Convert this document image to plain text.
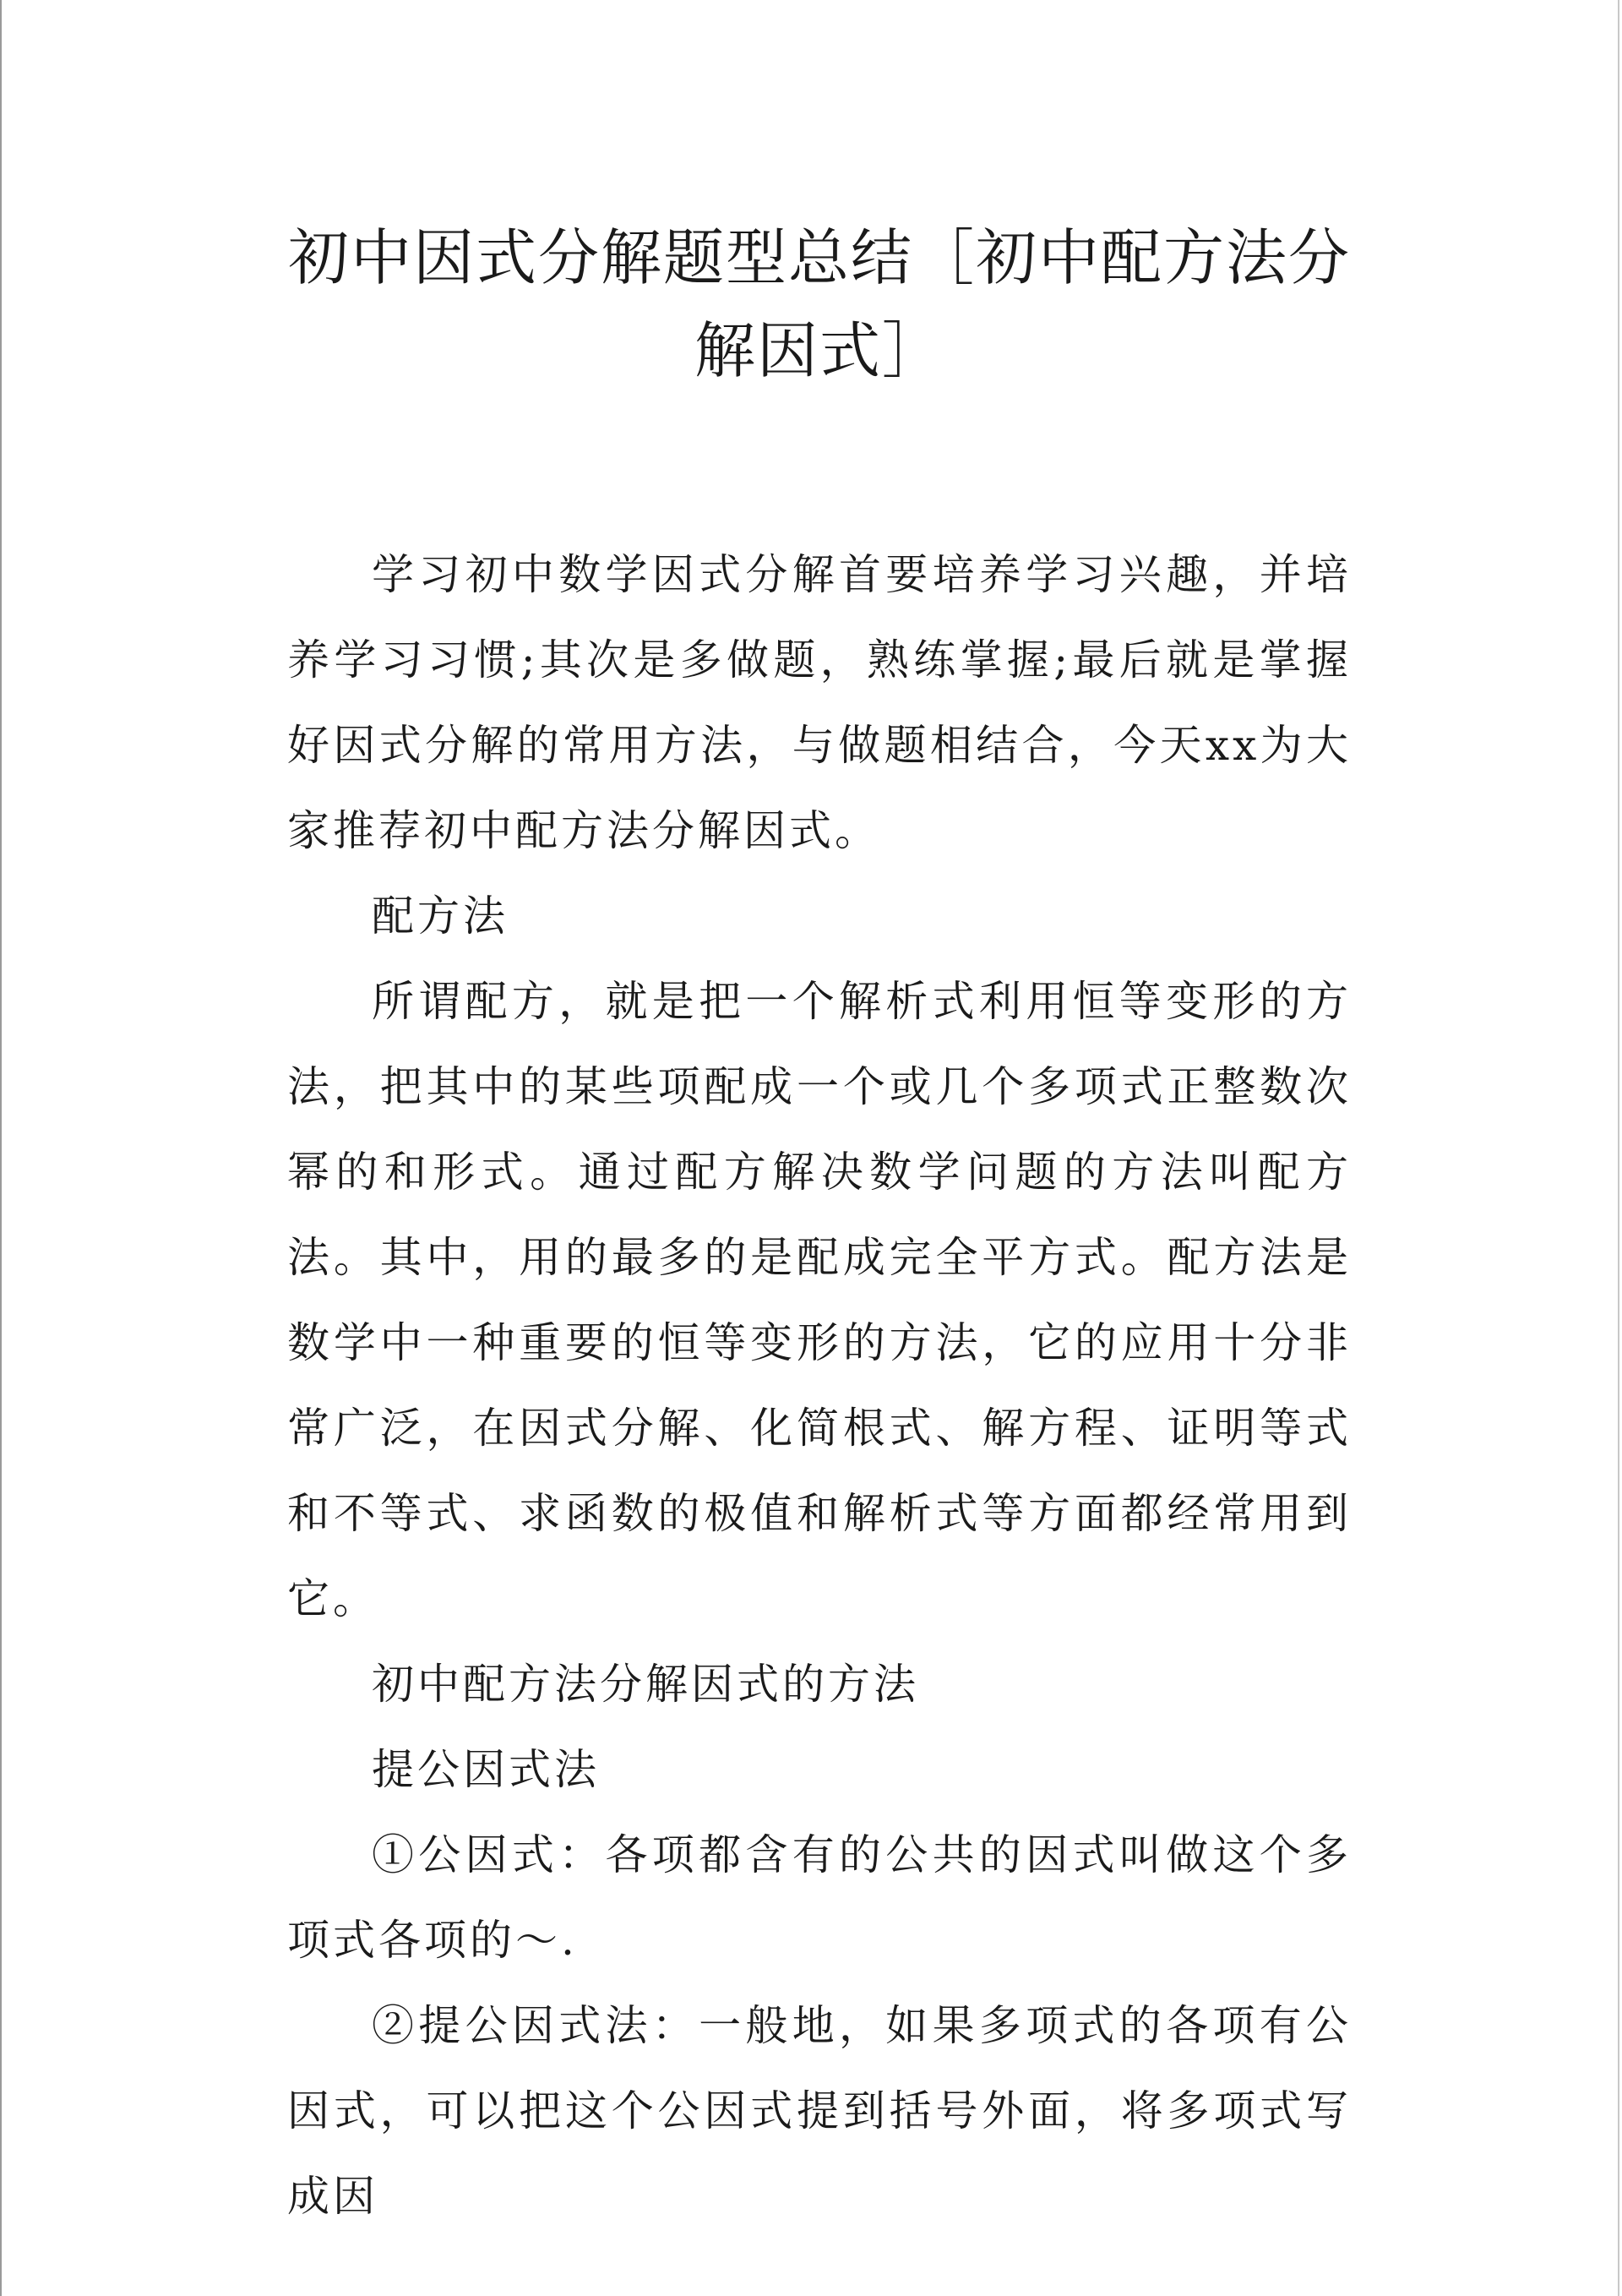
初中因式分解题型总结［初中配方法分解因式］

学习初中数学因式分解首要培养学习兴趣，并培养学习习惯;其次是多做题，熟练掌握;最后就是掌握好因式分解的常用方法，与做题相结合，今天xx为大家推荐初中配方法分解因式。

配方法

所谓配方，就是把一个解析式利用恒等变形的方法，把其中的某些项配成一个或几个多项式正整数次幂的和形式。通过配方解决数学问题的方法叫配方法。其中，用的最多的是配成完全平方式。配方法是数学中一种重要的恒等变形的方法，它的应用十分非常广泛，在因式分解、化简根式、解方程、证明等式和不等式、求函数的极值和解析式等方面都经常用到它。

初中配方法分解因式的方法

提公因式法

①公因式：各项都含有的公共的因式叫做这个多项式各项的～.

②提公因式法：一般地，如果多项式的各项有公因式，可以把这个公因式提到括号外面，将多项式写成因
